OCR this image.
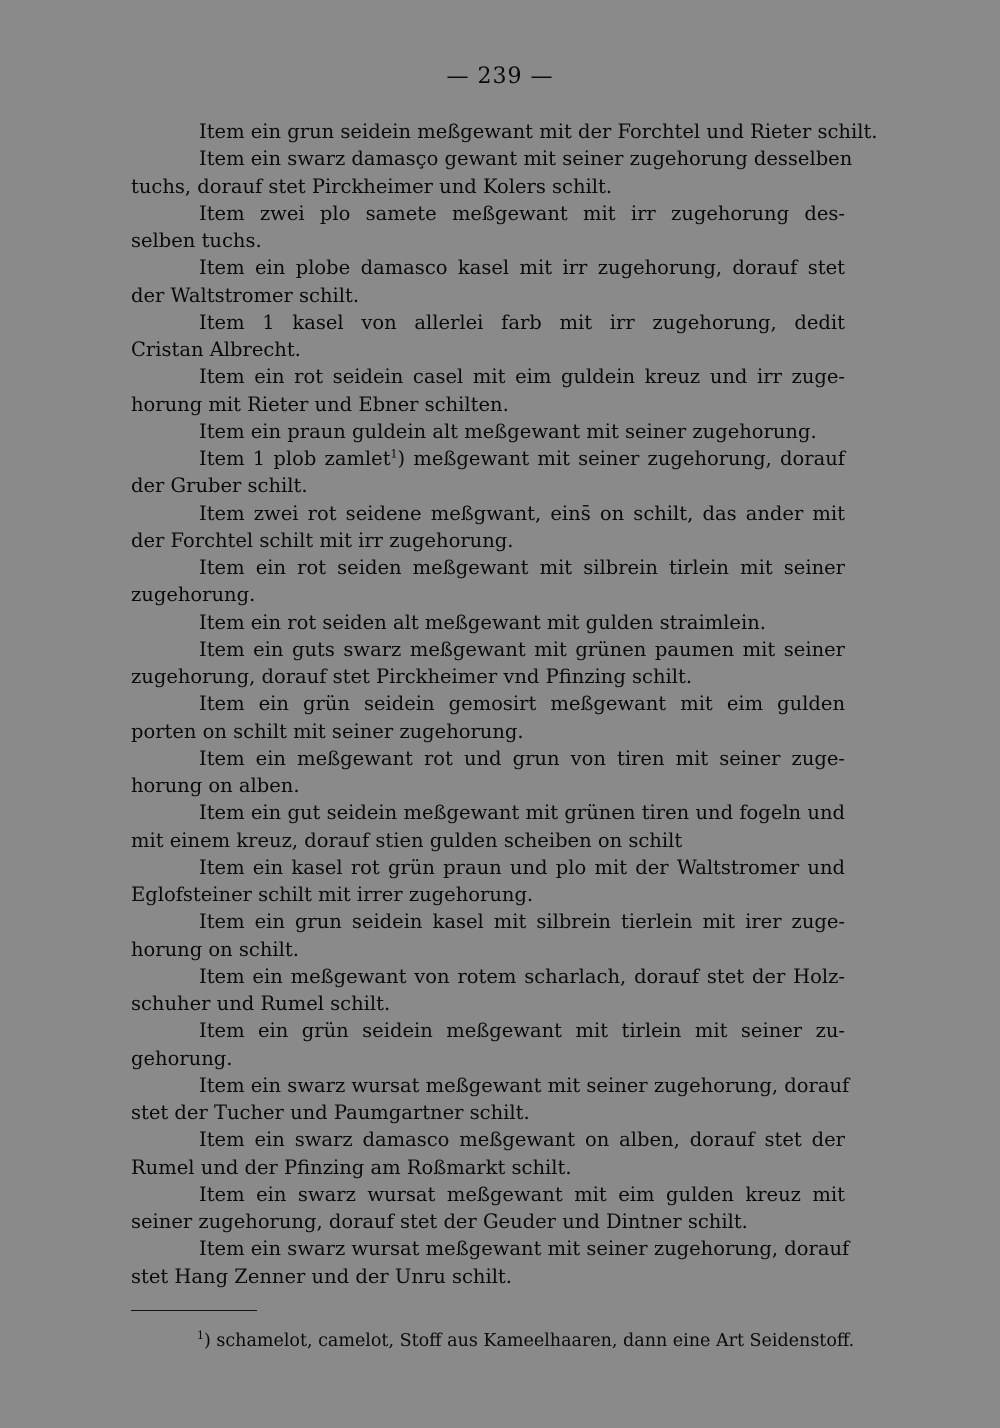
— 239 —
Item ein grun seidein meßgewant mit der Forchtel und Rieter schilt.
Item ein swarz damasço gewant mit seiner zugehorung desselben
tuchs, dorauf stet Pirckheimer und Kolers schilt.
Item zwei plo samete meßgewant mit irr zugehorung des-
selben tuchs.
Item ein plobe damasco kasel mit irr zugehorung, dorauf stet
der Waltstromer schilt.
Item 1 kasel von allerlei farb mit irr zugehorung, dedit
Cristan Albrecht.
Item ein rot seidein casel mit eim guldein kreuz und irr zuge-
horung mit Rieter und Ebner schilten.
Item ein praun guldein alt meßgewant mit seiner zugehorung.
Item 1 plob zamlet$^1$) meßgewant mit seiner zugehorung, dorauf
der Gruber schilt.
Item zwei rot seidene meßgwant, eins̄ on schilt, das ander mit
der Forchtel schilt mit irr zugehorung.
Item ein rot seiden meßgewant mit silbrein tirlein mit seiner
zugehorung.
Item ein rot seiden alt meßgewant mit gulden straimlein.
Item ein guts swarz meßgewant mit grünen paumen mit seiner
zugehorung, dorauf stet Pirckheimer vnd Pfinzing schilt.
Item ein grün seidein gemosirt meßgewant mit eim gulden
porten on schilt mit seiner zugehorung.
Item ein meßgewant rot und grun von tiren mit seiner zuge-
horung on alben.
Item ein gut seidein meßgewant mit grünen tiren und fogeln und
mit einem kreuz, dorauf stien gulden scheiben on schilt
Item ein kasel rot grün praun und plo mit der Waltstromer und
Eglofsteiner schilt mit irrer zugehorung.
Item ein grun seidein kasel mit silbrein tierlein mit irer zuge-
horung on schilt.
Item ein meßgewant von rotem scharlach, dorauf stet der Holz-
schuher und Rumel schilt.
Item ein grün seidein meßgewant mit tirlein mit seiner zu-
gehorung.
Item ein swarz wursat meßgewant mit seiner zugehorung, dorauf
stet der Tucher und Paumgartner schilt.
Item ein swarz damasco meßgewant on alben, dorauf stet der
Rumel und der Pfinzing am Roßmarkt schilt.
Item ein swarz wursat meßgewant mit eim gulden kreuz mit
seiner zugehorung, dorauf stet der Geuder und Dintner schilt.
Item ein swarz wursat meßgewant mit seiner zugehorung, dorauf
stet Hang Zenner und der Unru schilt.
$^1$) schamelot, camelot, Stoff aus Kameelhaaren, dann eine Art Seidenstoff.
